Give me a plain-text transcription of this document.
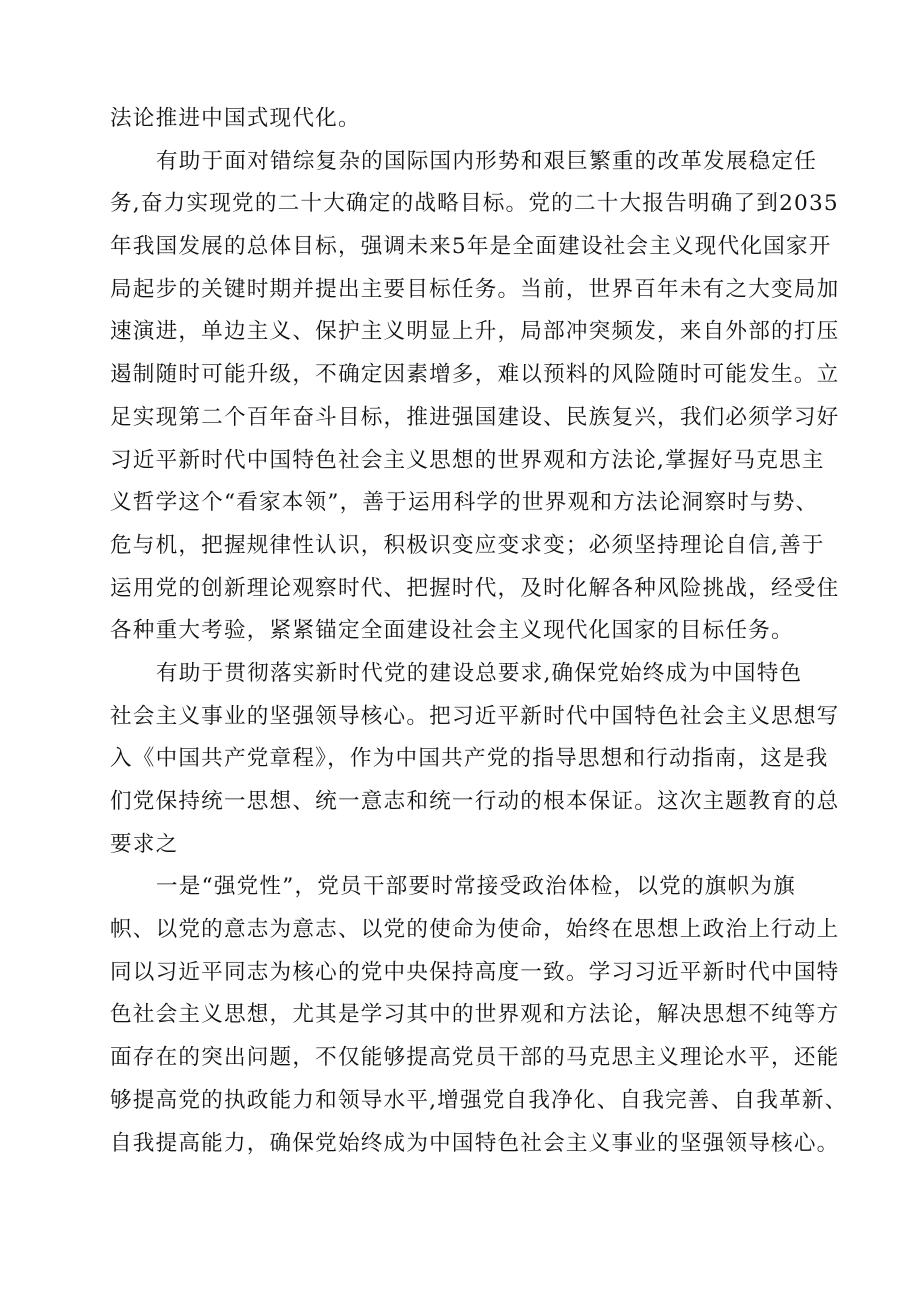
法论推进中国式现代化。
有助于面对错综复杂的国际国内形势和艰巨繁重的改革发展稳定任
务,奋力实现党的二十大确定的战略目标。党的二十大报告明确了到2035
年我国发展的总体目标，强调未来5年是全面建设社会主义现代化国家开
局起步的关键时期并提出主要目标任务。当前，世界百年未有之大变局加
速演进，单边主义、保护主义明显上升，局部冲突频发，来自外部的打压
遏制随时可能升级，不确定因素增多，难以预料的风险随时可能发生。立
足实现第二个百年奋斗目标，推进强国建设、民族复兴，我们必须学习好
习近平新时代中国特色社会主义思想的世界观和方法论,掌握好马克思主
义哲学这个“看家本领”，善于运用科学的世界观和方法论洞察时与势、
危与机，把握规律性认识，积极识变应变求变；必须坚持理论自信,善于
运用党的创新理论观察时代、把握时代，及时化解各种风险挑战，经受住
各种重大考验，紧紧锚定全面建设社会主义现代化国家的目标任务。
有助于贯彻落实新时代党的建设总要求,确保党始终成为中国特色
社会主义事业的坚强领导核心。把习近平新时代中国特色社会主义思想写
入《中国共产党章程》，作为中国共产党的指导思想和行动指南，这是我
们党保持统一思想、统一意志和统一行动的根本保证。这次主题教育的总
要求之
一是“强党性”，党员干部要时常接受政治体检，以党的旗帜为旗
帜、以党的意志为意志、以党的使命为使命，始终在思想上政治上行动上
同以习近平同志为核心的党中央保持高度一致。学习习近平新时代中国特
色社会主义思想，尤其是学习其中的世界观和方法论，解决思想不纯等方
面存在的突出问题，不仅能够提高党员干部的马克思主义理论水平，还能
够提高党的执政能力和领导水平,增强党自我净化、自我完善、自我革新、
自我提高能力，确保党始终成为中国特色社会主义事业的坚强领导核心。
